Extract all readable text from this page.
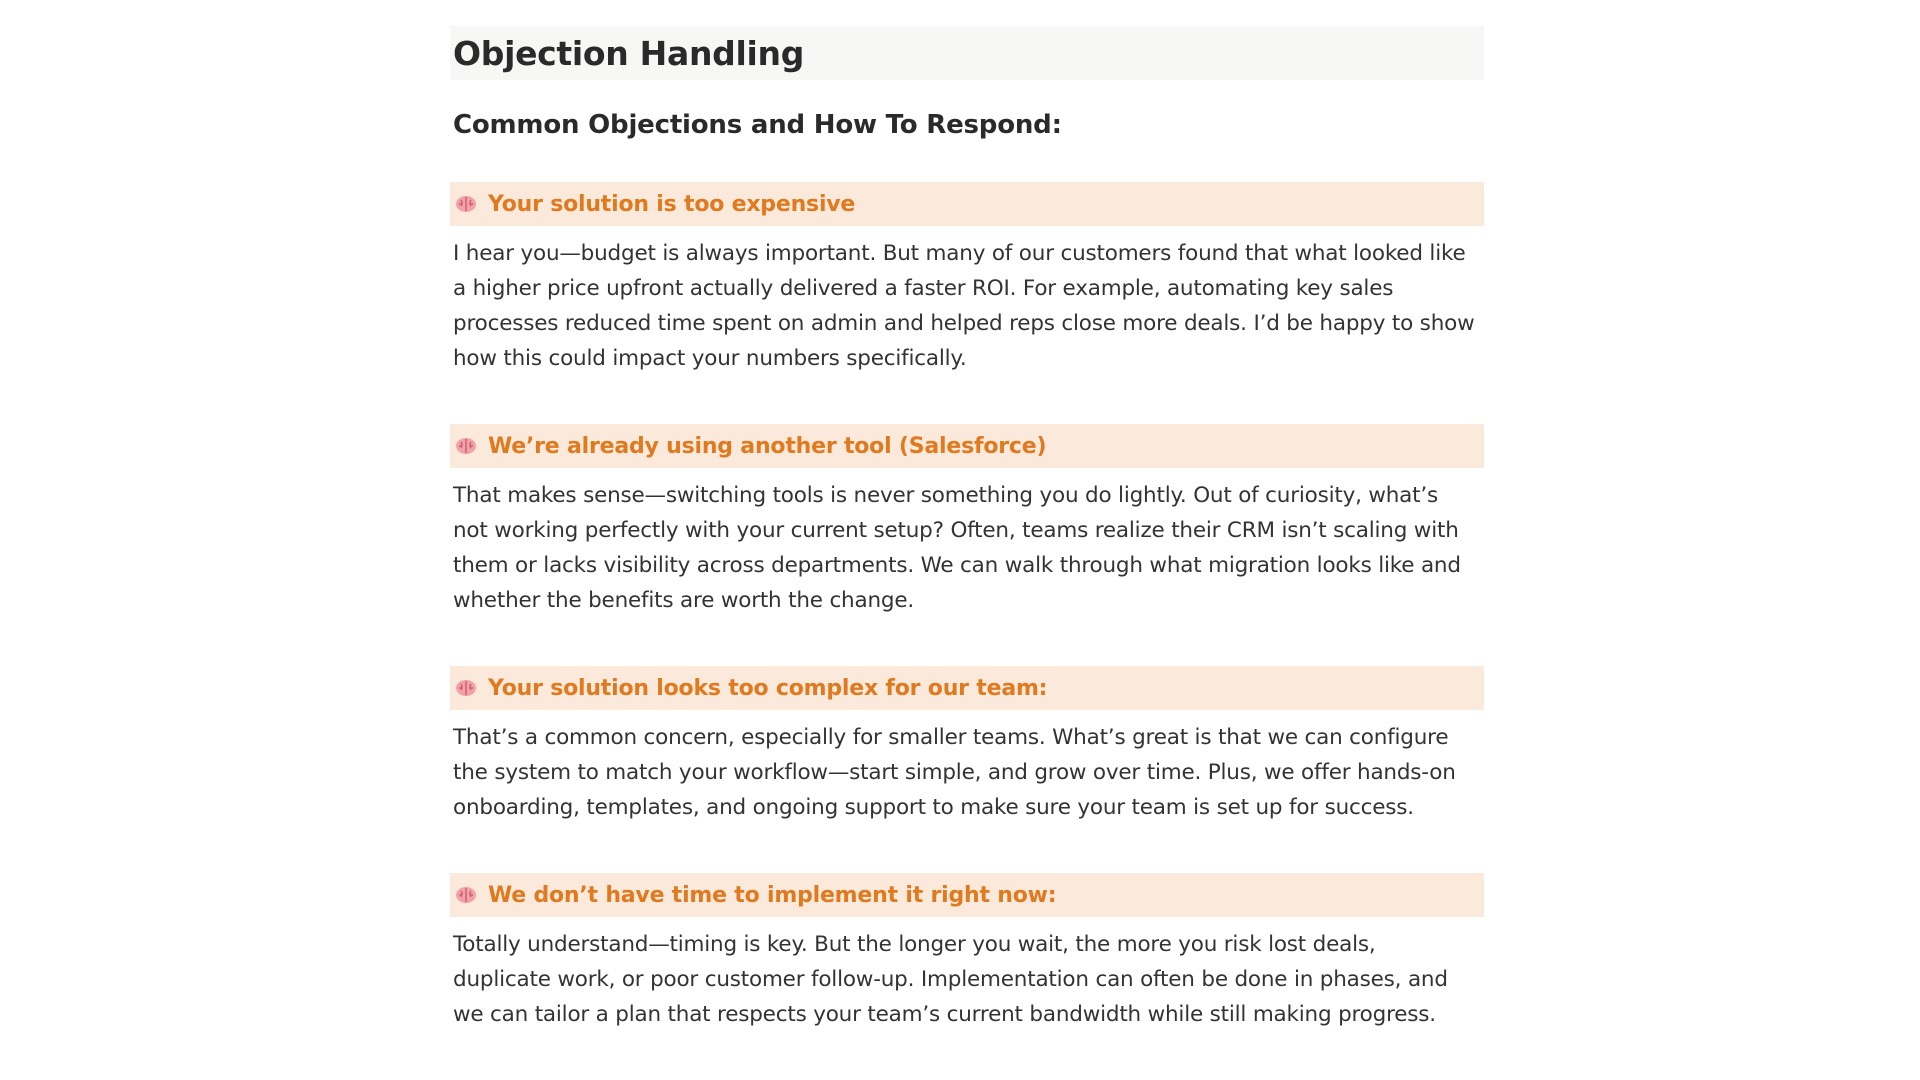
Objection Handling
Common Objections and How To Respond:
Your solution is too expensive

I hear you—budget is always important. But many of our customers found that what looked like a higher price upfront actually delivered a faster ROI. For example, automating key sales processes reduced time spent on admin and helped reps close more deals. I’d be happy to show how this could impact your numbers specifically.

We’re already using another tool (Salesforce)

That makes sense—switching tools is never something you do lightly. Out of curiosity, what’s not working perfectly with your current setup? Often, teams realize their CRM isn’t scaling with them or lacks visibility across departments. We can walk through what migration looks like and whether the benefits are worth the change.

Your solution looks too complex for our team:

That’s a common concern, especially for smaller teams. What’s great is that we can configure the system to match your workflow—start simple, and grow over time. Plus, we offer hands-on onboarding, templates, and ongoing support to make sure your team is set up for success.

We don’t have time to implement it right now:

Totally understand—timing is key. But the longer you wait, the more you risk lost deals, duplicate work, or poor customer follow-up. Implementation can often be done in phases, and we can tailor a plan that respects your team’s current bandwidth while still making progress.
